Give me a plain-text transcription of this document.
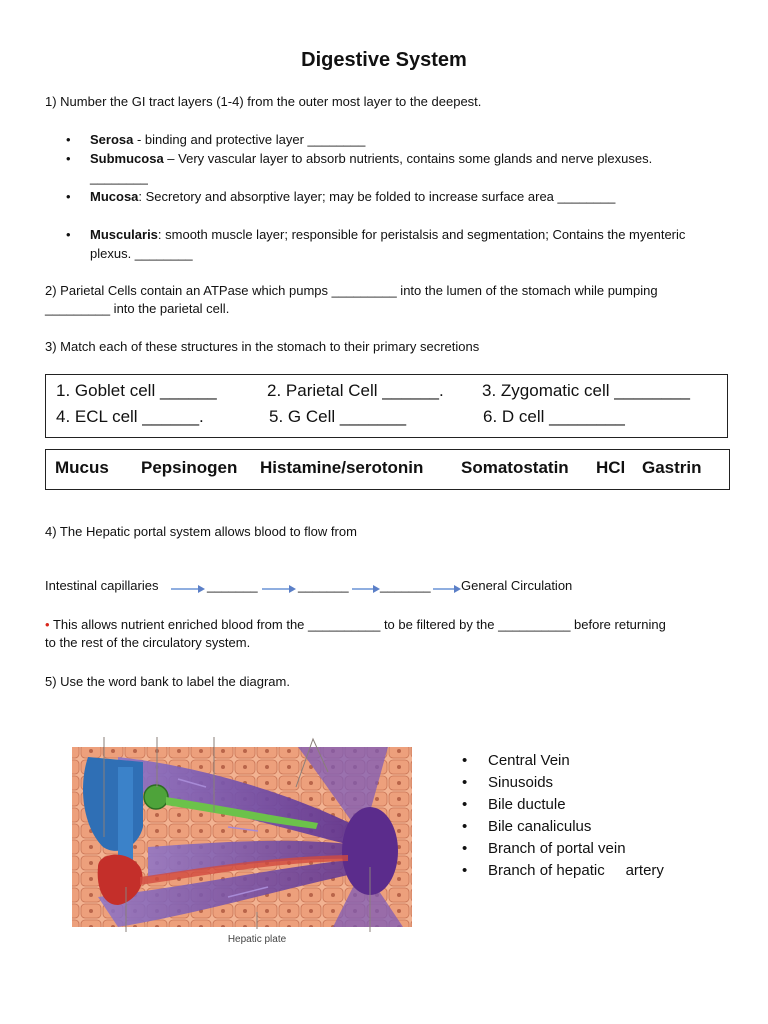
Digestive System
1) Number the GI tract layers (1-4) from the outer most layer to the deepest.
• Serosa - binding and protective layer ________
• Submucosa – Very vascular layer to absorb nutrients, contains some glands and nerve plexuses.
________
• Mucosa: Secretory and absorptive layer; may be folded to increase surface area ________
• Muscularis: smooth muscle layer; responsible for peristalsis and segmentation; Contains the myenteric
plexus. ________
2) Parietal Cells contain an ATPase which pumps _________ into the lumen of the stomach while pumping
_________ into the parietal cell.
3) Match each of these structures in the stomach to their primary secretions
1. Goblet cell ______	2. Parietal Cell ______. 3. Zygomatic cell ________
4. ECL cell ______.	5. G Cell _______	6. D cell ________
Mucus Pepsinogen Histamine/serotonin Somatostatin HCl Gastrin
4) The Hepatic portal system allows blood to flow from
Intestinal capillaries	_______	_______ _______ General Circulation
• This allows nutrient enriched blood from the __________ to be filtered by the __________ before returning
to the rest of the circulatory system.
5) Use the word bank to label the diagram.
Hepatic plate
• Central Vein
• Sinusoids
• Bile ductule
• Bile canaliculus
• Branch of portal vein
• Branch of hepatic     artery
